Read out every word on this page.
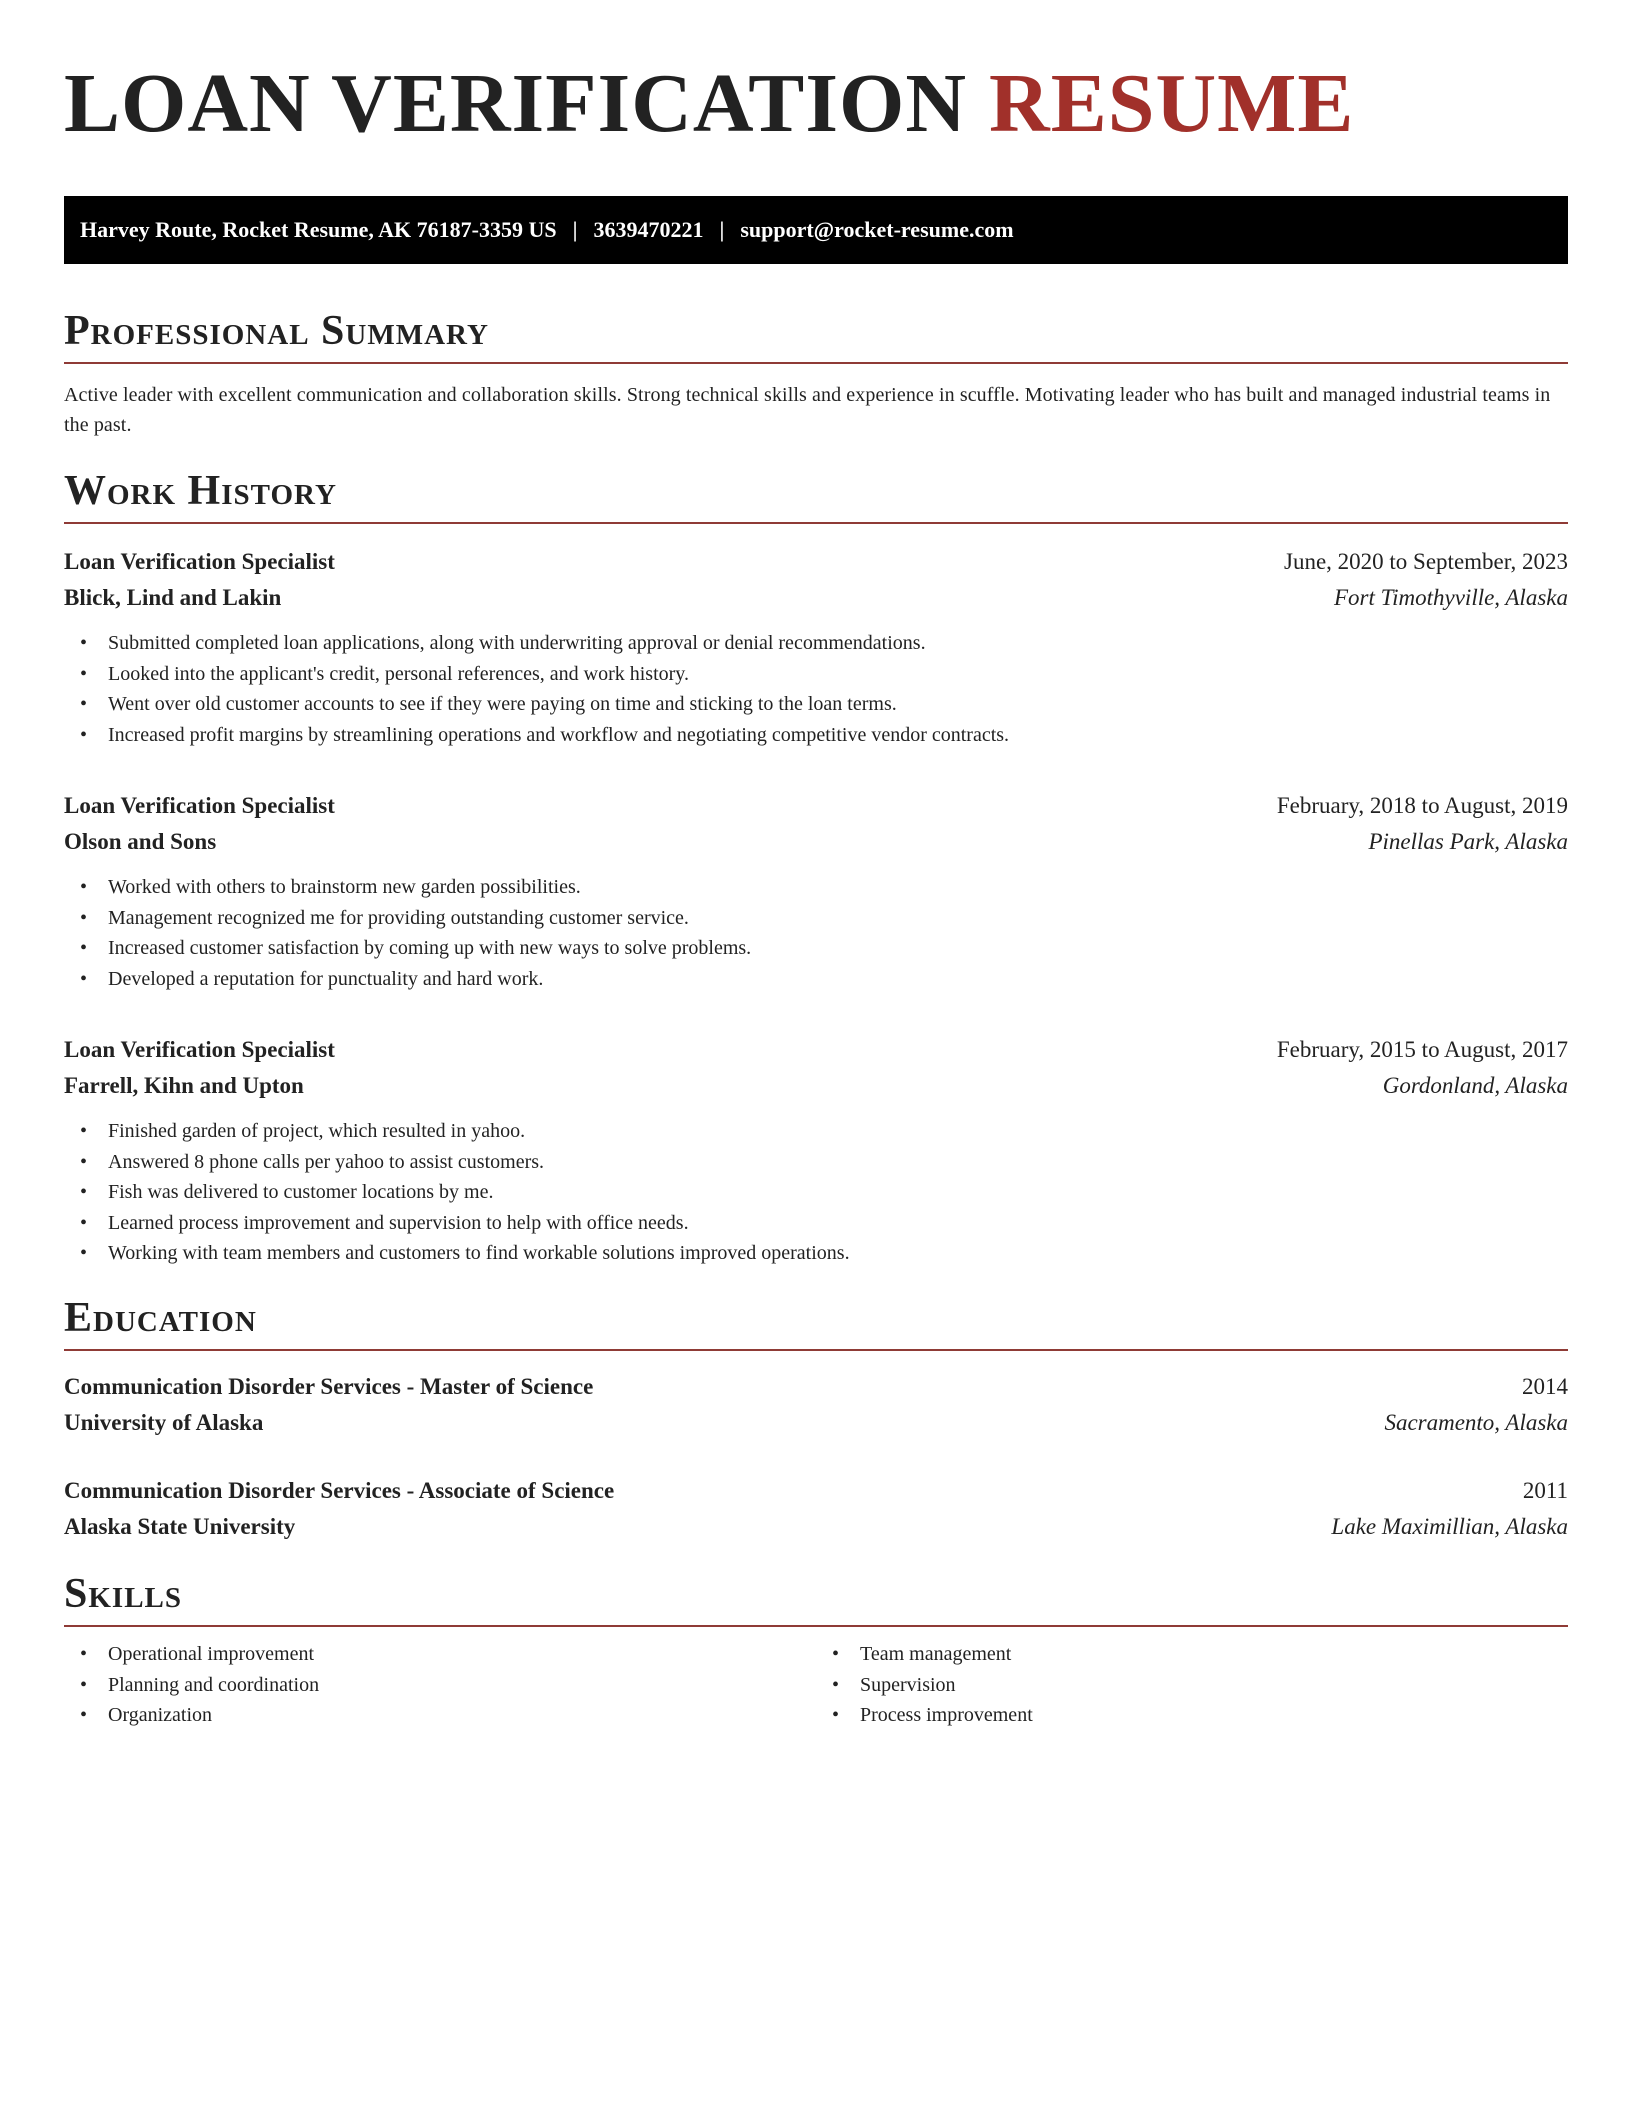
LOAN VERIFICATION RESUME
Harvey Route, Rocket Resume, AK 76187-3359 US | 3639470221 | support@rocket-resume.com
Professional Summary

Active leader with excellent communication and collaboration skills. Strong technical skills and experience in scuffle. Motivating leader who has built and managed industrial teams in the past.

Work History
Loan Verification Specialist	June, 2020 to September, 2023
Blick, Lind and Lakin	Fort Timothyville, Alaska
• Submitted completed loan applications, along with underwriting approval or denial recommendations.
• Looked into the applicant's credit, personal references, and work history.
• Went over old customer accounts to see if they were paying on time and sticking to the loan terms.
• Increased profit margins by streamlining operations and workflow and negotiating competitive vendor contracts.
Loan Verification Specialist	February, 2018 to August, 2019
Olson and Sons	Pinellas Park, Alaska
• Worked with others to brainstorm new garden possibilities.
• Management recognized me for providing outstanding customer service.
• Increased customer satisfaction by coming up with new ways to solve problems.
• Developed a reputation for punctuality and hard work.
Loan Verification Specialist	February, 2015 to August, 2017
Farrell, Kihn and Upton	Gordonland, Alaska
• Finished garden of project, which resulted in yahoo.
• Answered 8 phone calls per yahoo to assist customers.
• Fish was delivered to customer locations by me.
• Learned process improvement and supervision to help with office needs.
• Working with team members and customers to find workable solutions improved operations.
Education
Communication Disorder Services - Master of Science	2014
University of Alaska	Sacramento, Alaska
Communication Disorder Services - Associate of Science	2011
Alaska State University	Lake Maximillian, Alaska
Skills
• Operational improvement
• Planning and coordination
• Organization
• Team management
• Supervision
• Process improvement
